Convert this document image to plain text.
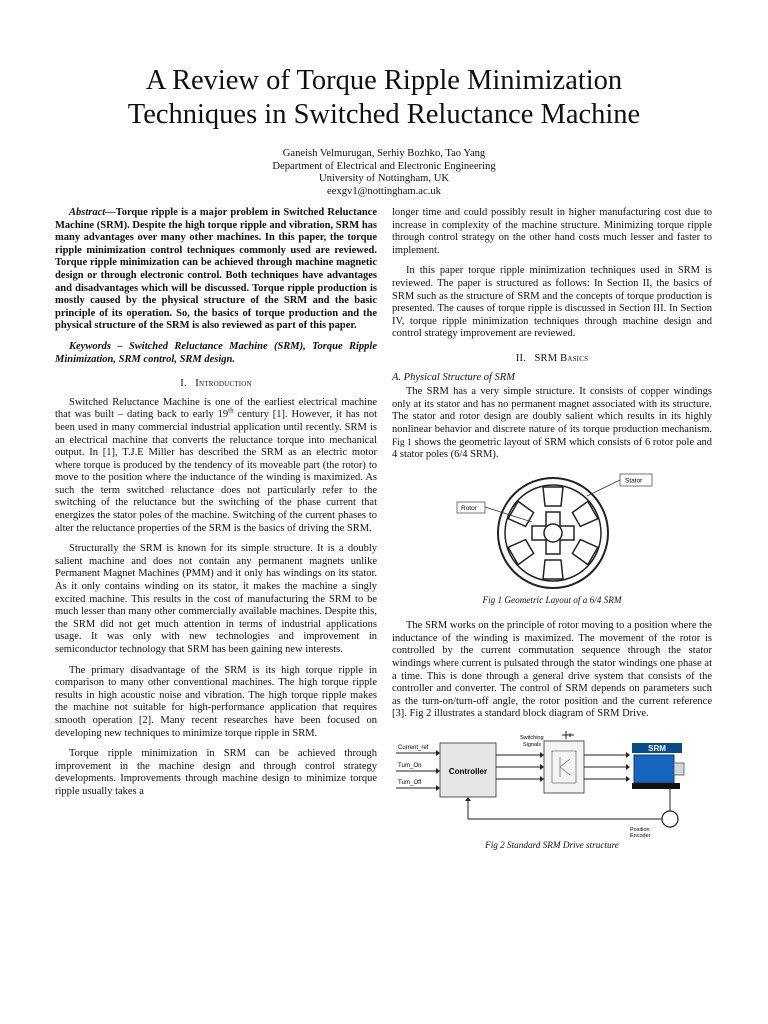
A Review of Torque Ripple Minimization
Techniques in Switched Reluctance Machine
Ganeish Velmurugan, Serhiy Bozhko, Tao Yang
Department of Electrical and Electronic Engineering
University of Nottingham, UK
eexgv1@nottingham.ac.uk

Abstract—Torque ripple is a major problem in Switched Reluctance Machine (SRM). Despite the high torque ripple and vibration, SRM has many advantages over many other machines. In this paper, the torque ripple minimization control techniques commonly used are reviewed. Torque ripple minimization can be achieved through machine magnetic design or through electronic control. Both techniques have advantages and disadvantages which will be discussed. Torque ripple production is mostly caused by the physical structure of the SRM and the basic principle of its operation. So, the basics of torque production and the physical structure of the SRM is also reviewed as part of this paper.

Keywords – Switched Reluctance Machine (SRM), Torque Ripple Minimization, SRM control, SRM design.

I. Introduction

Switched Reluctance Machine is one of the earliest electrical machine that was built – dating back to early 19th century [1]. However, it has not been used in many commercial industrial application until recently. SRM is an electrical machine that converts the reluctance torque into mechanical output. In [1], T.J.E Miller has described the SRM as an electric motor where torque is produced by the tendency of its moveable part (the rotor) to move to the position where the inductance of the winding is maximized. As such the term switched reluctance does not particularly refer to the switching of the reluctance but the switching of the phase current that energizes the stator poles of the machine. Switching of the current phases to alter the reluctance properties of the SRM is the basics of driving the SRM.

Structurally the SRM is known for its simple structure. It is a doubly salient machine and does not contain any permanent magnets unlike Permanent Magnet Machines (PMM) and it only has windings on its stator. As it only contains winding on its stator, it makes the machine a singly excited machine. This results in the cost of manufacturing the SRM to be much lesser than many other commercially available machines. Despite this, the SRM did not get much attention in terms of industrial applications usage. It was only with new technologies and improvement in semiconductor technology that SRM has been gaining new interests.

The primary disadvantage of the SRM is its high torque ripple in comparison to many other conventional machines. The high torque ripple results in high acoustic noise and vibration. The high torque ripple makes the machine not suitable for high-performance application that requires smooth operation [2]. Many recent researches have been focused on developing new techniques to minimize torque ripple in SRM.

Torque ripple minimization in SRM can be achieved through improvement in the machine design and through control strategy developments. Improvements through machine design to minimize torque ripple usually takes a

longer time and could possibly result in higher manufacturing cost due to increase in complexity of the machine structure. Minimizing torque ripple through control strategy on the other hand costs much lesser and faster to implement.

In this paper torque ripple minimization techniques used in SRM is reviewed. The paper is structured as follows: In Section II, the basics of SRM such as the structure of SRM and the concepts of torque production is presented. The causes of torque ripple is discussed in Section III. In Section IV, torque ripple minimization techniques through machine design and control strategy improvement are reviewed.

II. SRM Basics
A. Physical Structure of SRM

The SRM has a very simple structure. It consists of copper windings only at its stator and has no permanent magnet associated with its structure. The stator and rotor design are doubly salient which results in its highly nonlinear behavior and discrete nature of its torque production mechanism. Fig 1 shows the geometric layout of SRM which consists of 6 rotor pole and 4 stator poles (6/4 SRM).

Rotor
Stator
Fig 1 Geometric Layout of a 6/4 SRM

The SRM works on the principle of rotor moving to a position where the inductance of the winding is maximized. The movement of the rotor is controlled by the current commutation sequence through the stator windings where current is pulsated through the stator windings one phase at a time. This is done through a general drive system that consists of the controller and converter. The control of SRM depends on parameters such as the turn-on/turn-off angle, the rotor position and the current reference [3]. Fig 2 illustrates a standard block diagram of SRM Drive.

Current_ref
Turn_On
Turn_Off
Controller
Switching
Signals	SRM
Position
Encoder
Fig 2 Standard SRM Drive structure
